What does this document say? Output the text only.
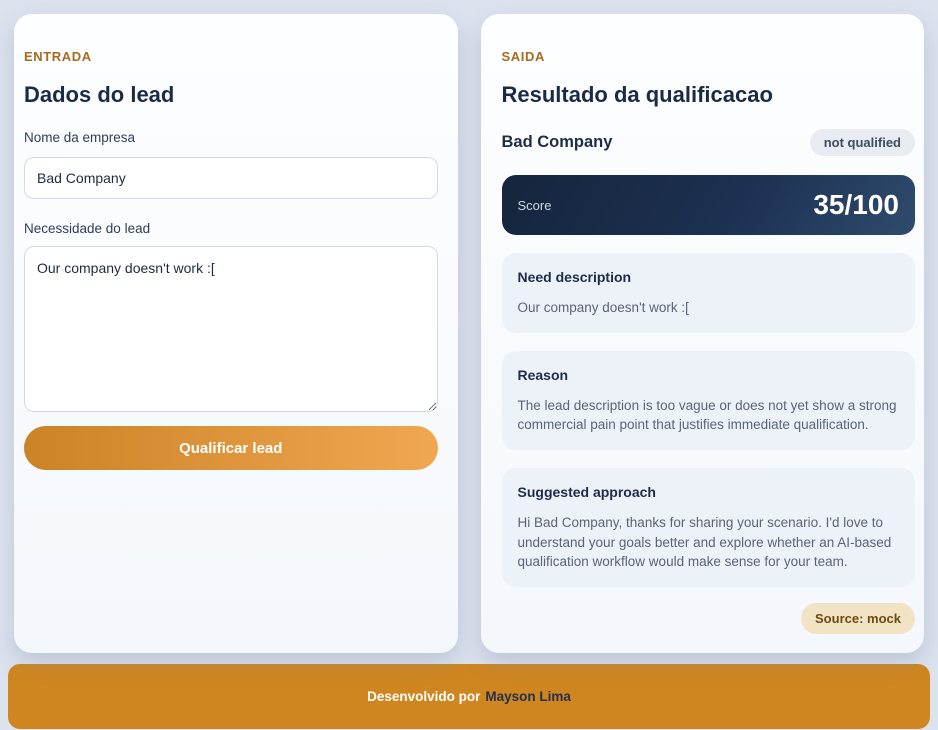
ENTRADA
Dados do lead
Nome da empresa
Bad Company
Necessidade do lead
Our company doesn't work :[
Qualificar lead
SAIDA
Resultado da qualificacao
Bad Company	not qualified
Score	35/100
Need description
Our company doesn't work :[
Reason
The lead description is too vague or does not yet show a strong commercial pain point that justifies immediate qualification.
Suggested approach
Hi Bad Company, thanks for sharing your scenario. I'd love to understand your goals better and explore whether an AI-based qualification workflow would make sense for your team.
Source: mock
Desenvolvido por Mayson Lima
